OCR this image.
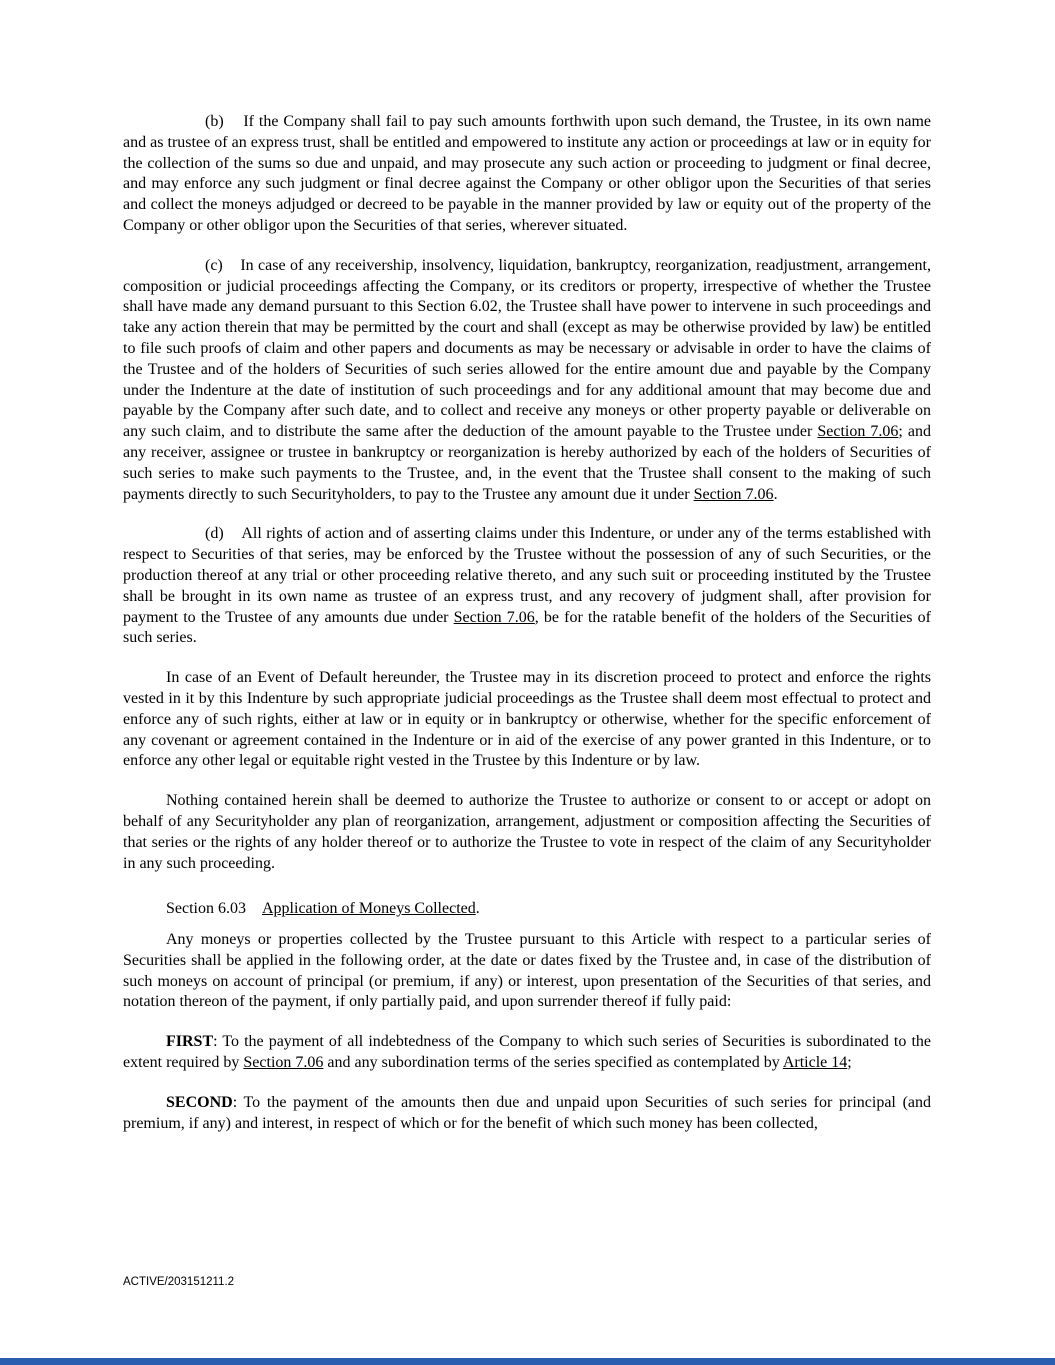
(b)    If the Company shall fail to pay such amounts forthwith upon such demand, the Trustee, in its own name and as trustee of an express trust, shall be entitled and empowered to institute any action or proceedings at law or in equity for the collection of the sums so due and unpaid, and may prosecute any such action or proceeding to judgment or final decree, and may enforce any such judgment or final decree against the Company or other obligor upon the Securities of that series and collect the moneys adjudged or decreed to be payable in the manner provided by law or equity out of the property of the Company or other obligor upon the Securities of that series, wherever situated.

(c)    In case of any receivership, insolvency, liquidation, bankruptcy, reorganization, readjustment, arrangement, composition or judicial proceedings affecting the Company, or its creditors or property, irrespective of whether the Trustee shall have made any demand pursuant to this Section 6.02, the Trustee shall have power to intervene in such proceedings and take any action therein that may be permitted by the court and shall (except as may be otherwise provided by law) be entitled to file such proofs of claim and other papers and documents as may be necessary or advisable in order to have the claims of the Trustee and of the holders of Securities of such series allowed for the entire amount due and payable by the Company under the Indenture at the date of institution of such proceedings and for any additional amount that may become due and payable by the Company after such date, and to collect and receive any moneys or other property payable or deliverable on any such claim, and to distribute the same after the deduction of the amount payable to the Trustee under Section 7.06; and any receiver, assignee or trustee in bankruptcy or reorganization is hereby authorized by each of the holders of Securities of such series to make such payments to the Trustee, and, in the event that the Trustee shall consent to the making of such payments directly to such Securityholders, to pay to the Trustee any amount due it under Section 7.06.

(d)    All rights of action and of asserting claims under this Indenture, or under any of the terms established with respect to Securities of that series, may be enforced by the Trustee without the possession of any of such Securities, or the production thereof at any trial or other proceeding relative thereto, and any such suit or proceeding instituted by the Trustee shall be brought in its own name as trustee of an express trust, and any recovery of judgment shall, after provision for payment to the Trustee of any amounts due under Section 7.06, be for the ratable benefit of the holders of the Securities of such series.

In case of an Event of Default hereunder, the Trustee may in its discretion proceed to protect and enforce the rights vested in it by this Indenture by such appropriate judicial proceedings as the Trustee shall deem most effectual to protect and enforce any of such rights, either at law or in equity or in bankruptcy or otherwise, whether for the specific enforcement of any covenant or agreement contained in the Indenture or in aid of the exercise of any power granted in this Indenture, or to enforce any other legal or equitable right vested in the Trustee by this Indenture or by law.

Nothing contained herein shall be deemed to authorize the Trustee to authorize or consent to or accept or adopt on behalf of any Securityholder any plan of reorganization, arrangement, adjustment or composition affecting the Securities of that series or the rights of any holder thereof or to authorize the Trustee to vote in respect of the claim of any Securityholder in any such proceeding.

Section 6.03    Application of Moneys Collected.

Any moneys or properties collected by the Trustee pursuant to this Article with respect to a particular series of Securities shall be applied in the following order, at the date or dates fixed by the Trustee and, in case of the distribution of such moneys on account of principal (or premium, if any) or interest, upon presentation of the Securities of that series, and notation thereon of the payment, if only partially paid, and upon surrender thereof if fully paid:

FIRST: To the payment of all indebtedness of the Company to which such series of Securities is subordinated to the extent required by Section 7.06 and any subordination terms of the series specified as contemplated by Article 14;

SECOND: To the payment of the amounts then due and unpaid upon Securities of such series for principal (and premium, if any) and interest, in respect of which or for the benefit of which such money has been collected,

ACTIVE/203151211.2
